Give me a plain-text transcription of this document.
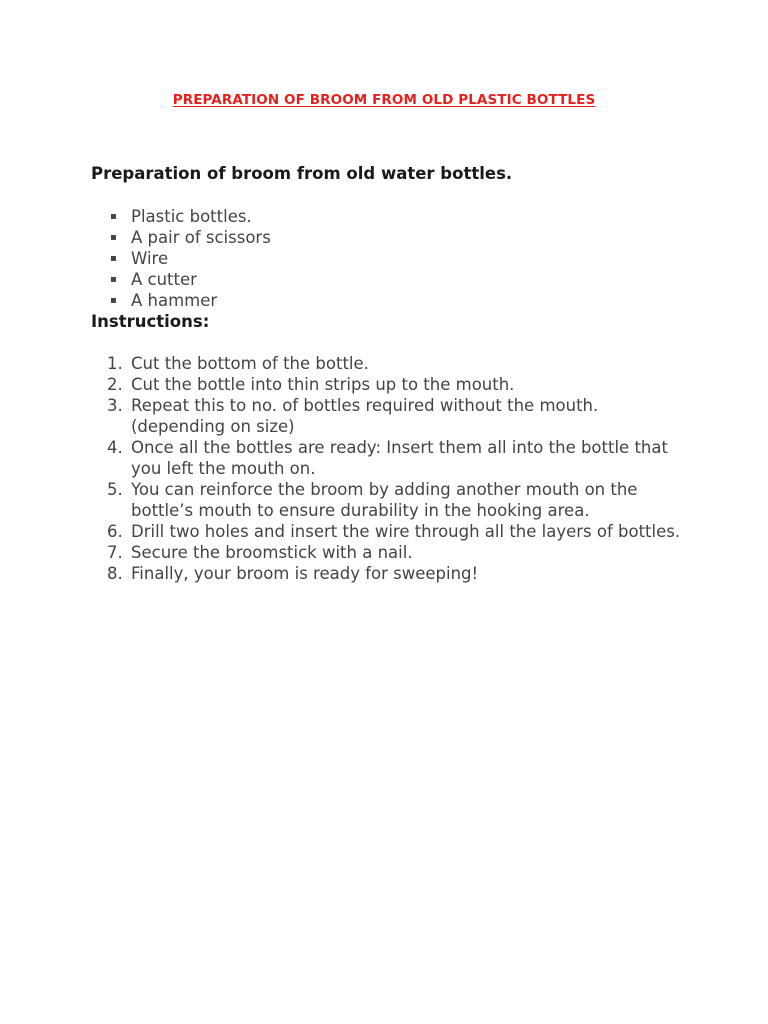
PREPARATION OF BROOM FROM OLD PLASTIC BOTTLES
Preparation of broom from old water bottles.
▪ Plastic bottles.
▪ A pair of scissors
▪ Wire
▪ A cutter
▪ A hammer
Instructions:
1. Cut the bottom of the bottle.
2. Cut the bottle into thin strips up to the mouth.
3. Repeat this to no. of bottles required without the mouth. (depending on size)
4. Once all the bottles are ready: Insert them all into the bottle that you left the mouth on.
5. You can reinforce the broom by adding another mouth on the bottle’s mouth to ensure durability in the hooking area.
6. Drill two holes and insert the wire through all the layers of bottles.
7. Secure the broomstick with a nail.
8. Finally, your broom is ready for sweeping!
